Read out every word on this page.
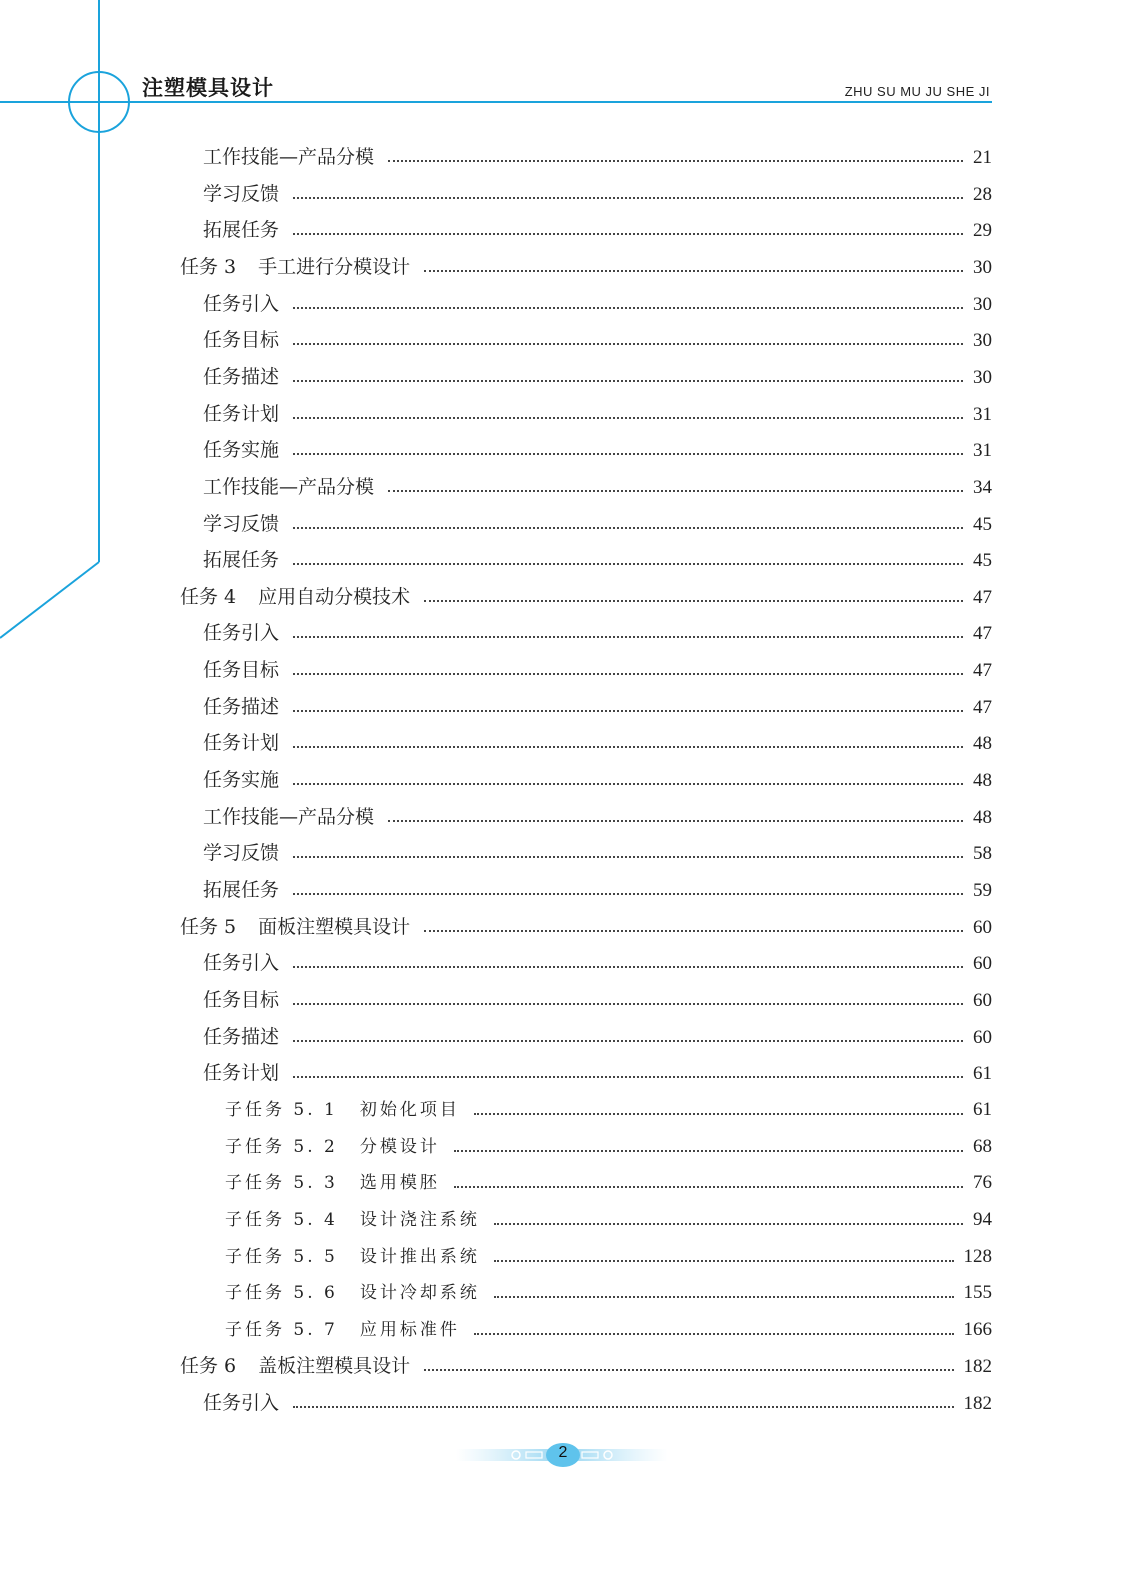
注塑模具设计	ZHU SU MU JU SHE JI
工作技能—产品分模	21
学习反馈	28
拓展任务	29
任务 3 手工进行分模设计	30
任务引入	30
任务目标	30
任务描述	30
任务计划	31
任务实施	31
工作技能—产品分模	34
学习反馈	45
拓展任务	45
任务 4 应用自动分模技术	47
任务引入	47
任务目标	47
任务描述	47
任务计划	48
任务实施	48
工作技能—产品分模	48
学习反馈	58
拓展任务	59
任务 5 面板注塑模具设计	60
任务引入	60
任务目标	60
任务描述	60
任务计划	61
子任务 5. 1 初始化项目	61
子任务 5. 2 分模设计	68
子任务 5. 3 选用模胚	76
子任务 5. 4 设计浇注系统	94
子任务 5. 5 设计推出系统	128
子任务 5. 6 设计冷却系统	155
子任务 5. 7 应用标准件	166
任务 6 盖板注塑模具设计	182
任务引入	182
2
